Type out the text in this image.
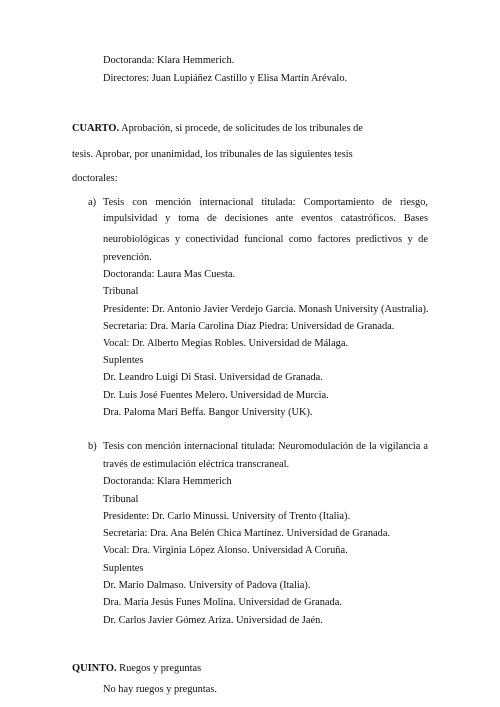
Doctoranda: Klara Hemmerich.
Directores: Juan Lupiáñez Castillo y Elisa Martín Arévalo.
CUARTO. Aprobación, si procede, de solicitudes de los tribunales de
tesis. Aprobar, por unanimidad, los tribunales de las siguientes tesis
doctorales:
a) Tesis con mención internacional titulada: Comportamiento de riesgo,
impulsividad y toma de decisiones ante eventos catastróficos. Bases
neurobiológicas y conectividad funcional como factores predictivos y de
prevención.
Doctoranda: Laura Mas Cuesta.
Tribunal
Presidente: Dr. Antonio Javier Verdejo García. Monash University (Australia).
Secretaria: Dra. María Carolina Díaz Piedra: Universidad de Granada.
Vocal: Dr. Alberto Megías Robles. Universidad de Málaga.
Suplentes
Dr. Leandro Luigi Di Stasi. Universidad de Granada.
Dr. Luis José Fuentes Melero. Universidad de Murcia.
Dra. Paloma Marí Beffa. Bangor University (UK).
b) Tesis con mención internacional titulada: Neuromodulación de la vigilancia a
través de estimulación eléctrica transcraneal.
Doctoranda: Klara Hemmerich
Tribunal
Presidente: Dr. Carlo Minussi. University of Trento (Italia).
Secretaria: Dra. Ana Belén Chica Martínez. Universidad de Granada.
Vocal: Dra. Virginia López Alonso. Universidad A Coruña.
Suplentes
Dr. Mario Dalmaso. University of Padova (Italia).
Dra. María Jesús Funes Molina. Universidad de Granada.
Dr. Carlos Javier Gómez Ariza. Universidad de Jaén.
QUINTO. Ruegos y preguntas
No hay ruegos y preguntas.
